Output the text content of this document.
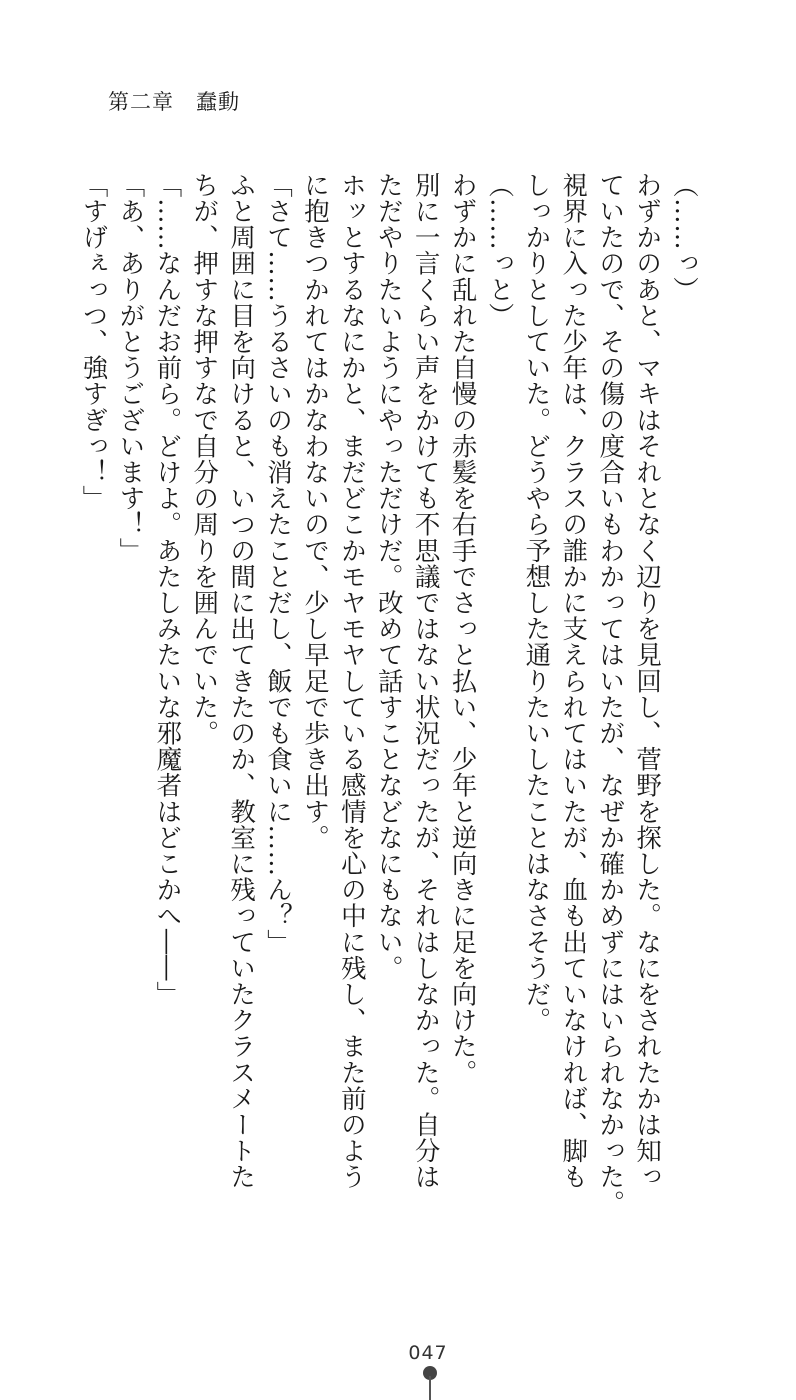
第二章　蠢動

（……っ）

わずかのあと、マキはそれとなく辺りを見回し、菅野を探した。なにをされたかは知っ

ていたので、その傷の度合いもわかってはいたが、なぜか確かめずにはいられなかった。

視界に入った少年は、クラスの誰かに支えられてはいたが、血も出ていなければ、脚も

しっかりとしていた。どうやら予想した通りたいしたことはなさそうだ。

（……っと）

わずかに乱れた自慢の赤髪を右手でさっと払い、少年と逆向きに足を向けた。

別に一言くらい声をかけても不思議ではない状況だったが、それはしなかった。自分は

ただやりたいようにやっただけだ。改めて話すことなどなにもない。

ホッとするなにかと、まだどこかモヤモヤしている感情を心の中に残し、また前のよう

に抱きつかれてはかなわないので、少し早足で歩き出す。

「さて……うるさいのも消えたことだし、飯でも食いに……ん？」

ふと周囲に目を向けると、いつの間に出てきたのか、教室に残っていたクラスメートた

ちが、押すな押すなで自分の周りを囲んでいた。

「……なんだお前ら。どけよ。あたしみたいな邪魔者はどこかへ――」

「あ、ありがとうございます！」

「すげぇっつ、強すぎっ！」

047
